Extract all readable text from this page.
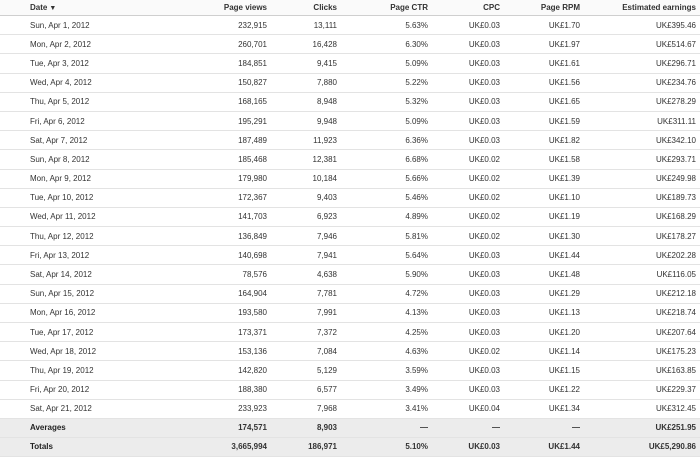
Date ▼	Page views	Clicks	Page CTR	CPC	Page RPM	Estimated earnings
Sun, Apr 1, 2012	232,915	13,111	5.63%	UK£0.03	UK£1.70	UK£395.46
Mon, Apr 2, 2012	260,701	16,428	6.30%	UK£0.03	UK£1.97	UK£514.67
Tue, Apr 3, 2012	184,851	9,415	5.09%	UK£0.03	UK£1.61	UK£296.71
Wed, Apr 4, 2012	150,827	7,880	5.22%	UK£0.03	UK£1.56	UK£234.76
Thu, Apr 5, 2012	168,165	8,948	5.32%	UK£0.03	UK£1.65	UK£278.29
Fri, Apr 6, 2012	195,291	9,948	5.09%	UK£0.03	UK£1.59	UK£311.11
Sat, Apr 7, 2012	187,489	11,923	6.36%	UK£0.03	UK£1.82	UK£342.10
Sun, Apr 8, 2012	185,468	12,381	6.68%	UK£0.02	UK£1.58	UK£293.71
Mon, Apr 9, 2012	179,980	10,184	5.66%	UK£0.02	UK£1.39	UK£249.98
Tue, Apr 10, 2012	172,367	9,403	5.46%	UK£0.02	UK£1.10	UK£189.73
Wed, Apr 11, 2012	141,703	6,923	4.89%	UK£0.02	UK£1.19	UK£168.29
Thu, Apr 12, 2012	136,849	7,946	5.81%	UK£0.02	UK£1.30	UK£178.27
Fri, Apr 13, 2012	140,698	7,941	5.64%	UK£0.03	UK£1.44	UK£202.28
Sat, Apr 14, 2012	78,576	4,638	5.90%	UK£0.03	UK£1.48	UK£116.05
Sun, Apr 15, 2012	164,904	7,781	4.72%	UK£0.03	UK£1.29	UK£212.18
Mon, Apr 16, 2012	193,580	7,991	4.13%	UK£0.03	UK£1.13	UK£218.74
Tue, Apr 17, 2012	173,371	7,372	4.25%	UK£0.03	UK£1.20	UK£207.64
Wed, Apr 18, 2012	153,136	7,084	4.63%	UK£0.02	UK£1.14	UK£175.23
Thu, Apr 19, 2012	142,820	5,129	3.59%	UK£0.03	UK£1.15	UK£163.85
Fri, Apr 20, 2012	188,380	6,577	3.49%	UK£0.03	UK£1.22	UK£229.37
Sat, Apr 21, 2012	233,923	7,968	3.41%	UK£0.04	UK£1.34	UK£312.45
Averages	174,571	8,903	—	—	—	UK£251.95
Totals	3,665,994	186,971	5.10%	UK£0.03	UK£1.44	UK£5,290.86
